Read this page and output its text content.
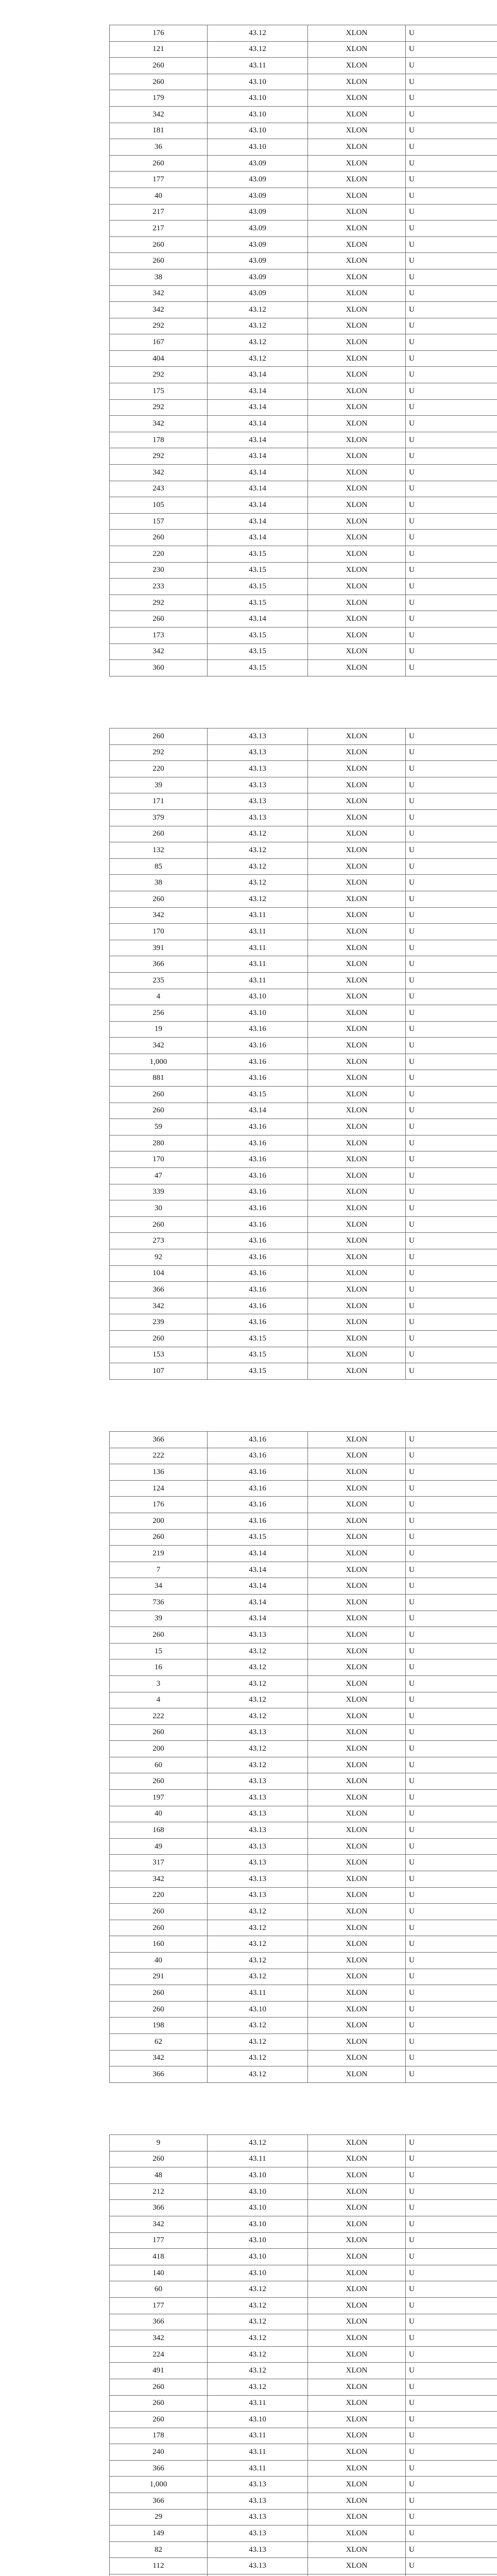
176	43.12	XLON	U
121	43.12	XLON	U
260	43.11	XLON	U
260	43.10	XLON	U
179	43.10	XLON	U
342	43.10	XLON	U
181	43.10	XLON	U
36	43.10	XLON	U
260	43.09	XLON	U
177	43.09	XLON	U
40	43.09	XLON	U
217	43.09	XLON	U
217	43.09	XLON	U
260	43.09	XLON	U
260	43.09	XLON	U
38	43.09	XLON	U
342	43.09	XLON	U
342	43.12	XLON	U
292	43.12	XLON	U
167	43.12	XLON	U
404	43.12	XLON	U
292	43.14	XLON	U
175	43.14	XLON	U
292	43.14	XLON	U
342	43.14	XLON	U
178	43.14	XLON	U
292	43.14	XLON	U
342	43.14	XLON	U
243	43.14	XLON	U
105	43.14	XLON	U
157	43.14	XLON	U
260	43.14	XLON	U
220	43.15	XLON	U
230	43.15	XLON	U
233	43.15	XLON	U
292	43.15	XLON	U
260	43.14	XLON	U
173	43.15	XLON	U
342	43.15	XLON	U
360	43.15	XLON	U
260	43.13	XLON	U
292	43.13	XLON	U
220	43.13	XLON	U
39	43.13	XLON	U
171	43.13	XLON	U
379	43.13	XLON	U
260	43.12	XLON	U
132	43.12	XLON	U
85	43.12	XLON	U
38	43.12	XLON	U
260	43.12	XLON	U
342	43.11	XLON	U
170	43.11	XLON	U
391	43.11	XLON	U
366	43.11	XLON	U
235	43.11	XLON	U
4	43.10	XLON	U
256	43.10	XLON	U
19	43.16	XLON	U
342	43.16	XLON	U
1,000	43.16	XLON	U
881	43.16	XLON	U
260	43.15	XLON	U
260	43.14	XLON	U
59	43.16	XLON	U
280	43.16	XLON	U
170	43.16	XLON	U
47	43.16	XLON	U
339	43.16	XLON	U
30	43.16	XLON	U
260	43.16	XLON	U
273	43.16	XLON	U
92	43.16	XLON	U
104	43.16	XLON	U
366	43.16	XLON	U
342	43.16	XLON	U
239	43.16	XLON	U
260	43.15	XLON	U
153	43.15	XLON	U
107	43.15	XLON	U
366	43.16	XLON	U
222	43.16	XLON	U
136	43.16	XLON	U
124	43.16	XLON	U
176	43.16	XLON	U
200	43.16	XLON	U
260	43.15	XLON	U
219	43.14	XLON	U
7	43.14	XLON	U
34	43.14	XLON	U
736	43.14	XLON	U
39	43.14	XLON	U
260	43.13	XLON	U
15	43.12	XLON	U
16	43.12	XLON	U
3	43.12	XLON	U
4	43.12	XLON	U
222	43.12	XLON	U
260	43.13	XLON	U
200	43.12	XLON	U
60	43.12	XLON	U
260	43.13	XLON	U
197	43.13	XLON	U
40	43.13	XLON	U
168	43.13	XLON	U
49	43.13	XLON	U
317	43.13	XLON	U
342	43.13	XLON	U
220	43.13	XLON	U
260	43.12	XLON	U
260	43.12	XLON	U
160	43.12	XLON	U
40	43.12	XLON	U
291	43.12	XLON	U
260	43.11	XLON	U
260	43.10	XLON	U
198	43.12	XLON	U
62	43.12	XLON	U
342	43.12	XLON	U
366	43.12	XLON	U
9	43.12	XLON	U
260	43.11	XLON	U
48	43.10	XLON	U
212	43.10	XLON	U
366	43.10	XLON	U
342	43.10	XLON	U
177	43.10	XLON	U
418	43.10	XLON	U
140	43.10	XLON	U
60	43.12	XLON	U
177	43.12	XLON	U
366	43.12	XLON	U
342	43.12	XLON	U
224	43.12	XLON	U
491	43.12	XLON	U
260	43.12	XLON	U
260	43.11	XLON	U
260	43.10	XLON	U
178	43.11	XLON	U
240	43.11	XLON	U
366	43.11	XLON	U
1,000	43.13	XLON	U
366	43.13	XLON	U
29	43.13	XLON	U
149	43.13	XLON	U
82	43.13	XLON	U
112	43.13	XLON	U
